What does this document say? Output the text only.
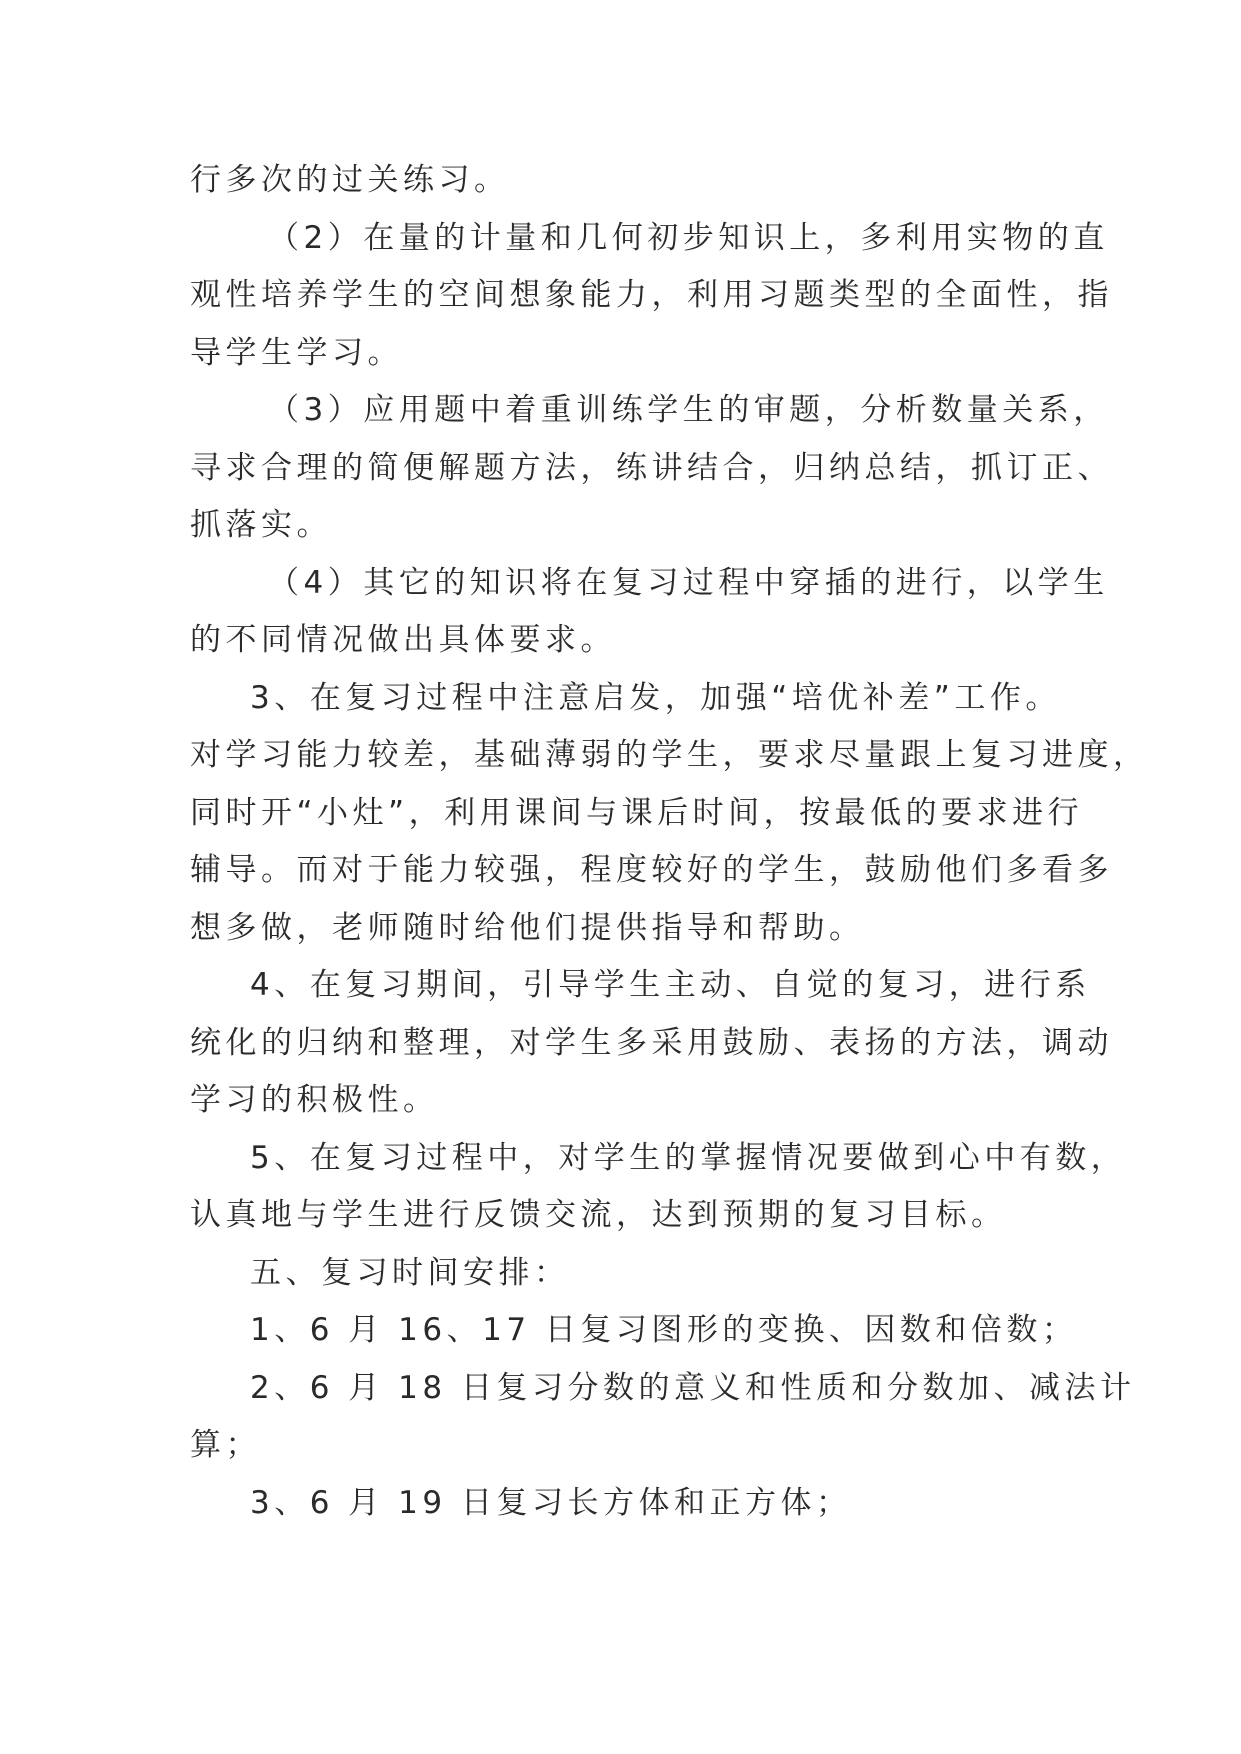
行多次的过关练习。
（2）在量的计量和几何初步知识上，多利用实物的直
观性培养学生的空间想象能力，利用习题类型的全面性，指
导学生学习。
（3）应用题中着重训练学生的审题，分析数量关系，
寻求合理的简便解题方法，练讲结合，归纳总结，抓订正、
抓落实。
（4）其它的知识将在复习过程中穿插的进行，以学生
的不同情况做出具体要求。
3、在复习过程中注意启发，加强“培优补差”工作。
对学习能力较差，基础薄弱的学生，要求尽量跟上复习进度，
同时开“小灶”，利用课间与课后时间，按最低的要求进行
辅导。而对于能力较强，程度较好的学生，鼓励他们多看多
想多做，老师随时给他们提供指导和帮助。
4、在复习期间，引导学生主动、自觉的复习，进行系
统化的归纳和整理，对学生多采用鼓励、表扬的方法，调动
学习的积极性。
5、在复习过程中，对学生的掌握情况要做到心中有数，
认真地与学生进行反馈交流，达到预期的复习目标。
五、复习时间安排：
1、6 月 16、17 日复习图形的变换、因数和倍数；
2、6 月 18 日复习分数的意义和性质和分数加、减法计
算；
3、6 月 19 日复习长方体和正方体；
